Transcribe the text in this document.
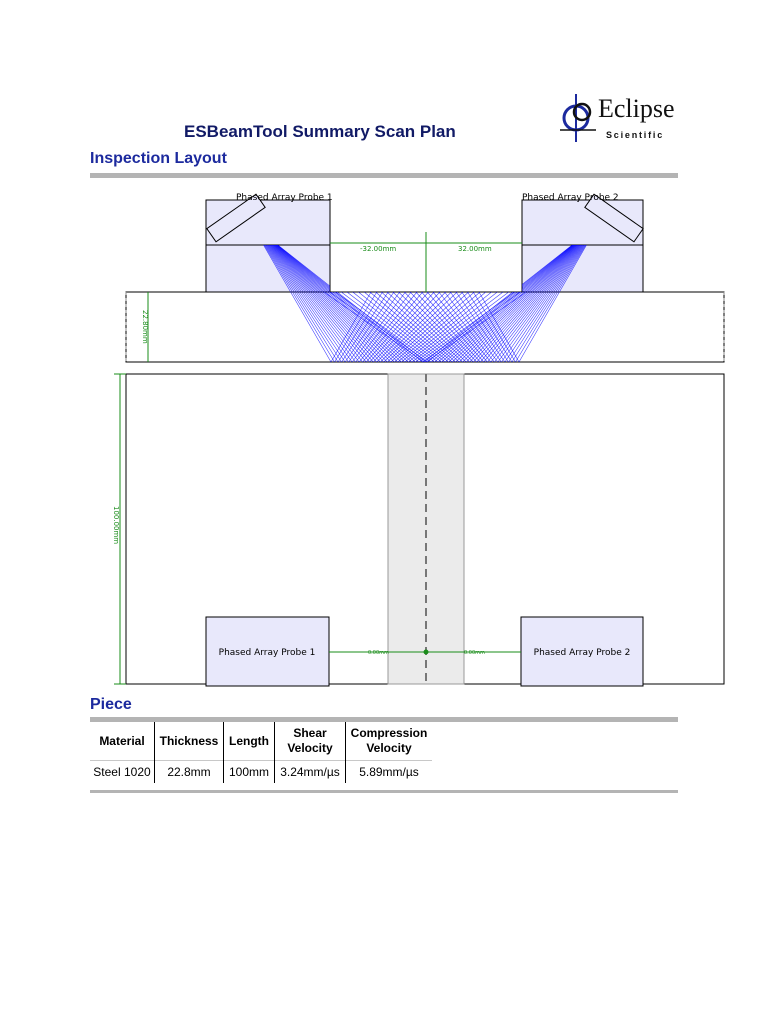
ESBeamTool Summary Scan Plan
Eclipse
Scientific
Inspection Layout
Phased Array Probe 1	Phased Array Probe 2
-32.00mm	32.00mm
22.80mm
100.00mm
Phased Array Probe 1	Phased Array Probe 2
0.00mm	0.00mm
Piece
Material	Thickness	Length	Shear Velocity	Compression Velocity
Steel 1020	22.8mm	100mm	3.24mm/µs	5.89mm/µs
